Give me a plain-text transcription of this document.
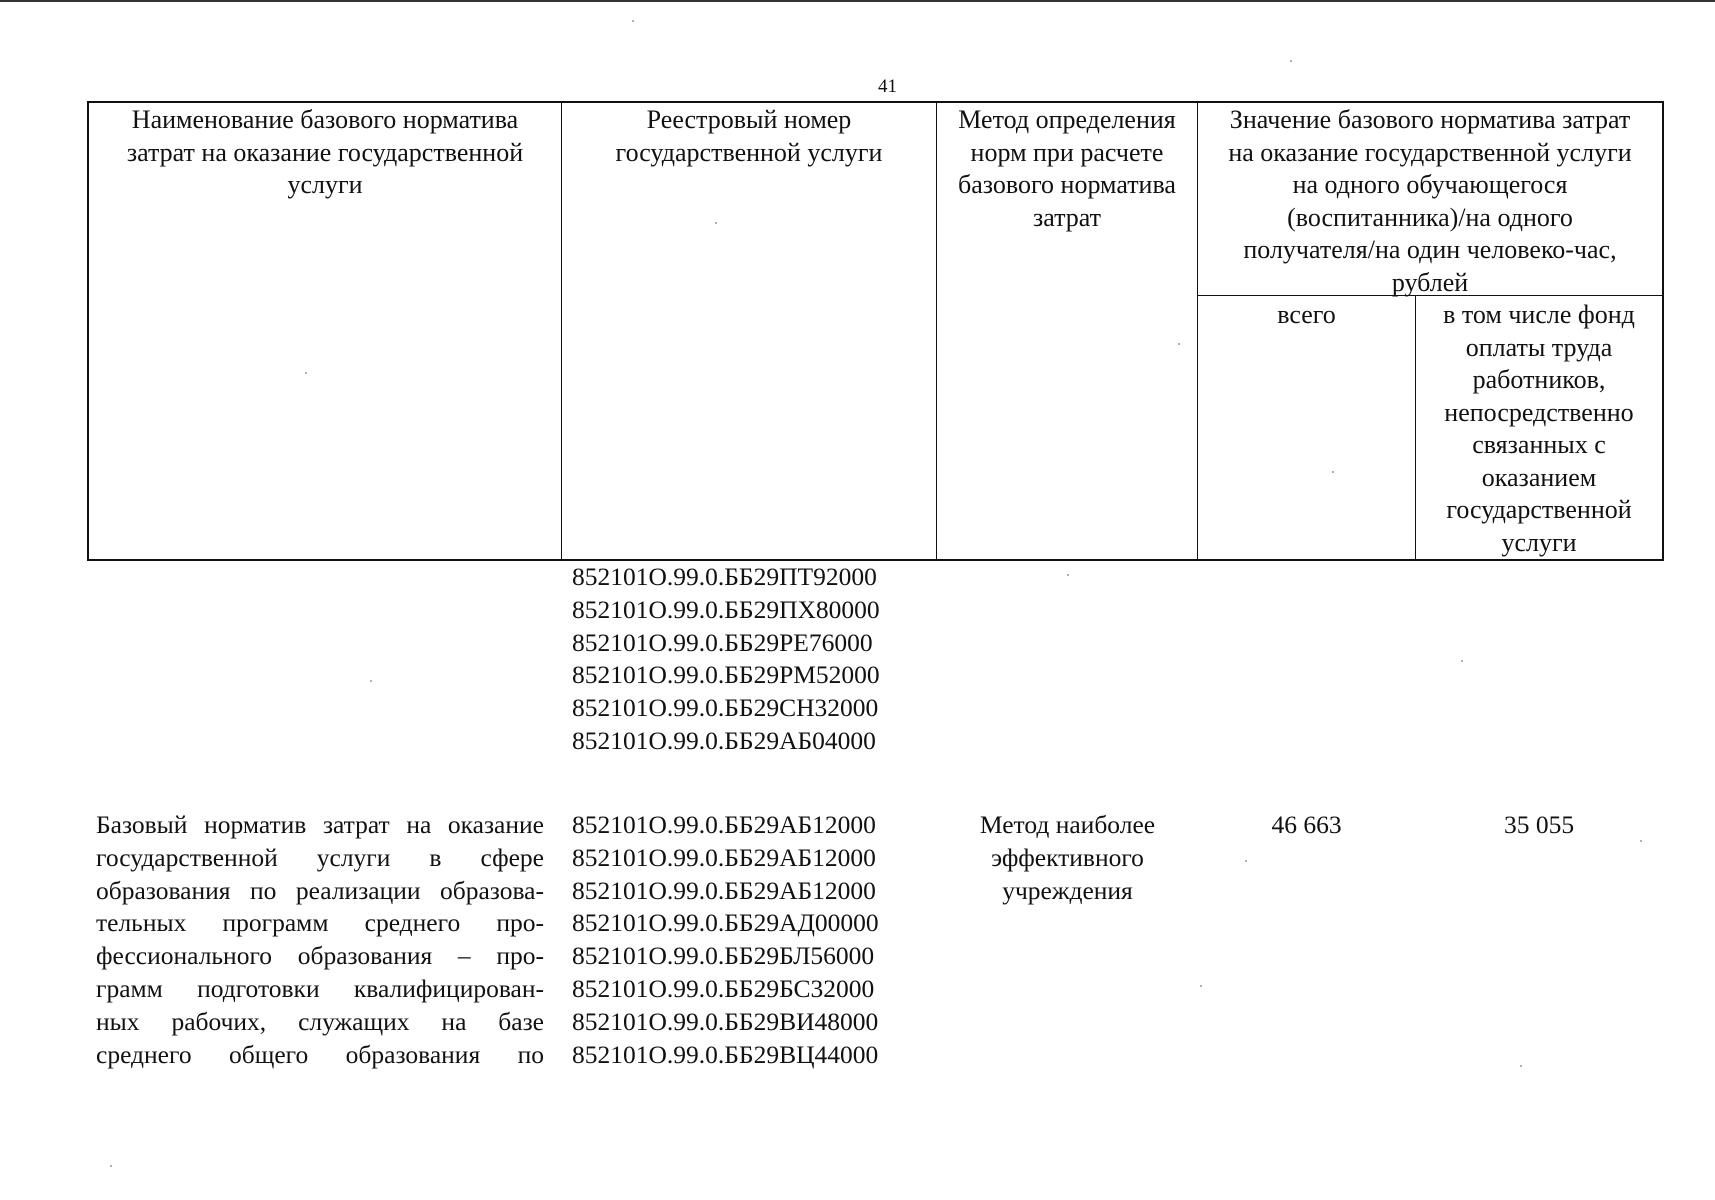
41
Наименование базового норматива
затрат на оказание государственной
услуги
Реестровый номер
государственной услуги
Метод определения
норм при расчете
базового норматива
затрат
Значение базового норматива затрат
на оказание государственной услуги
на одного обучающегося
(воспитанника)/на одного
получателя/на один человеко-час,
рублей
всего	в том числе фонд
оплаты труда
работников,
непосредственно
связанных с
оказанием
государственной
услуги
852101О.99.0.ББ29ПТ92000
852101О.99.0.ББ29ПХ80000
852101О.99.0.ББ29РЕ76000
852101О.99.0.ББ29РМ52000
852101О.99.0.ББ29СН32000
852101О.99.0.ББ29АБ04000
Базовый норматив затрат на оказание
государственной услуги в сфере
образования по реализации образова-
тельных программ среднего про-
фессионального образования – про-
грамм подготовки квалифицирован-
ных рабочих, служащих на базе
среднего общего образования по
852101О.99.0.ББ29АБ12000
852101О.99.0.ББ29АБ12000
852101О.99.0.ББ29АБ12000
852101О.99.0.ББ29АД00000
852101О.99.0.ББ29БЛ56000
852101О.99.0.ББ29БС32000
852101О.99.0.ББ29ВИ48000
852101О.99.0.ББ29ВЦ44000
Метод наиболее
эффективного
учреждения
46 663	35 055
